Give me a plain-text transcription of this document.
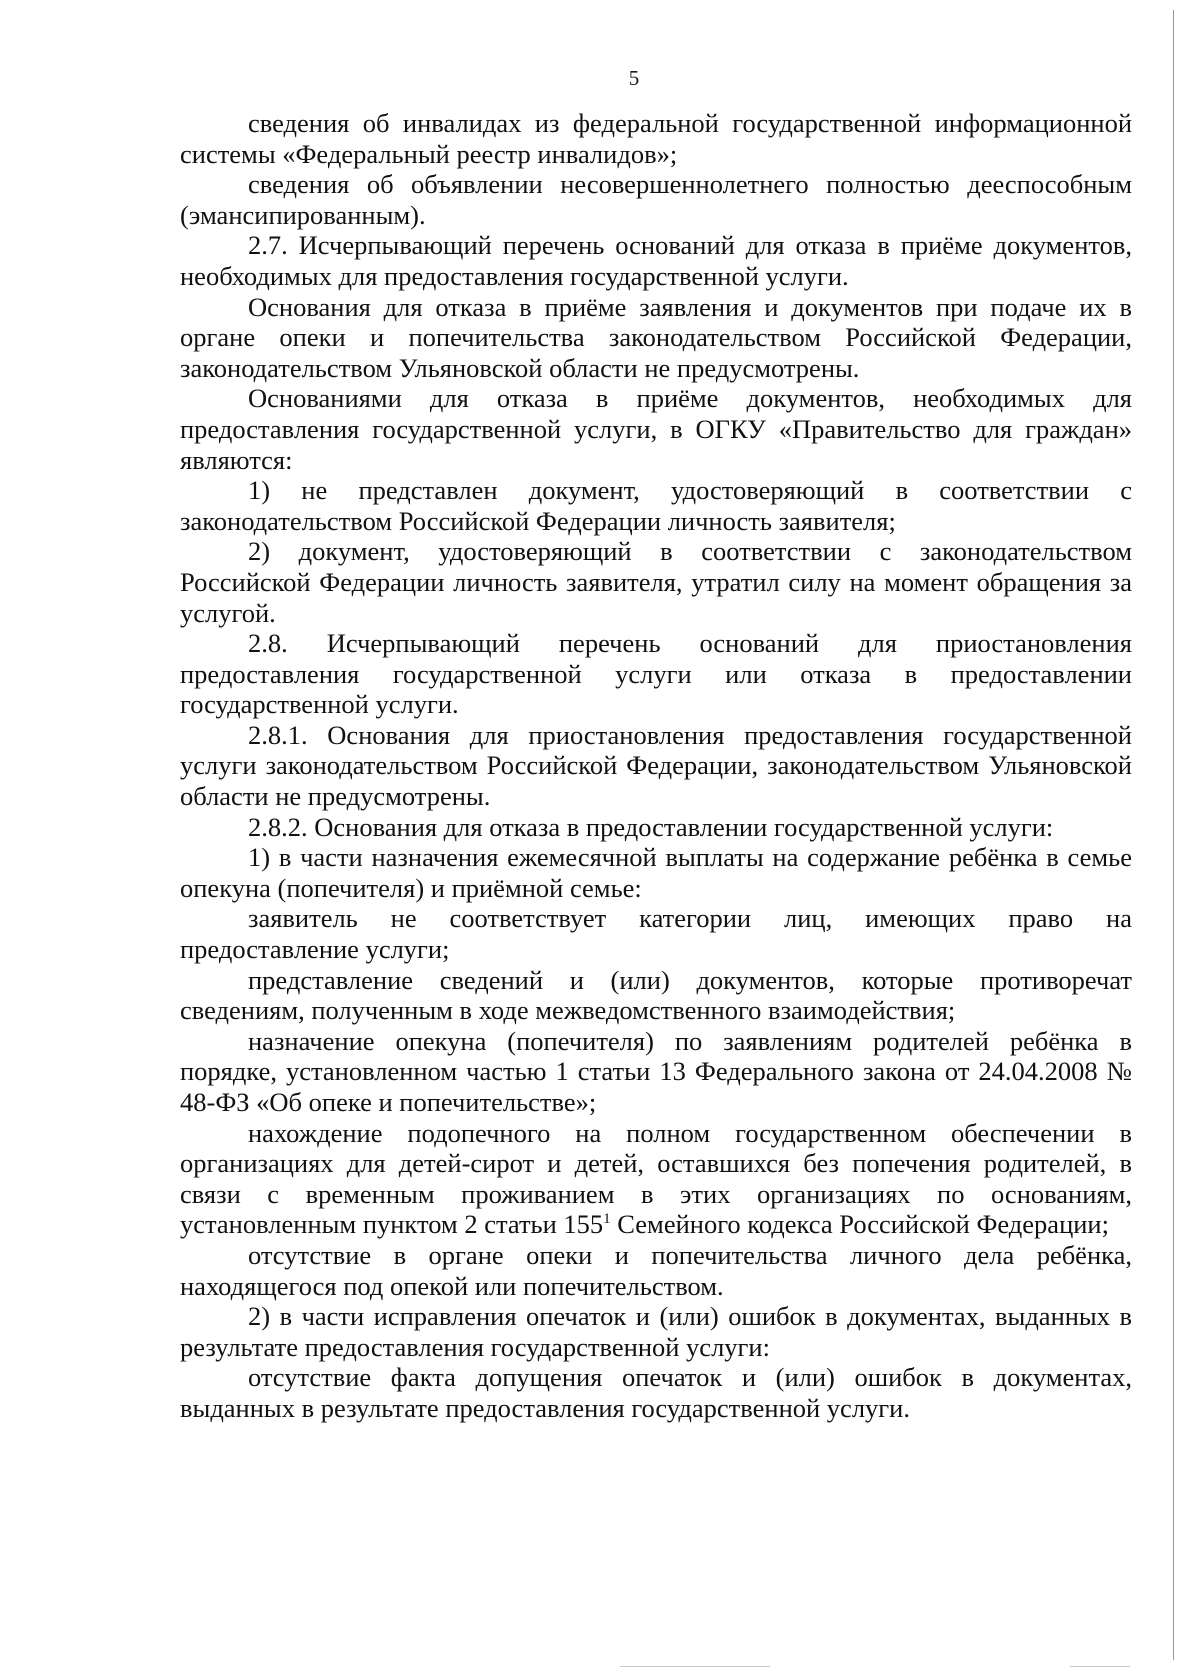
5

сведения об инвалидах из федеральной государственной информационной системы «Федеральный реестр инвалидов»;

сведения об объявлении несовершеннолетнего полностью дееспособным (эмансипированным).

2.7. Исчерпывающий перечень оснований для отказа в приёме документов, необходимых для предоставления государственной услуги.

Основания для отказа в приёме заявления и документов при подаче их в органе опеки и попечительства законодательством Российской Федерации, законодательством Ульяновской области не предусмотрены.

Основаниями для отказа в приёме документов, необходимых для предоставления государственной услуги, в ОГКУ «Правительство для граждан» являются:

1) не представлен документ, удостоверяющий в соответствии с законодательством Российской Федерации личность заявителя;

2) документ, удостоверяющий в соответствии с законодательством Российской Федерации личность заявителя, утратил силу на момент обращения за услугой.

2.8. Исчерпывающий перечень оснований для приостановления предоставления государственной услуги или отказа в предоставлении государственной услуги.

2.8.1. Основания для приостановления предоставления государственной услуги законодательством Российской Федерации, законодательством Ульяновской области не предусмотрены.

2.8.2. Основания для отказа в предоставлении государственной услуги:

1) в части назначения ежемесячной выплаты на содержание ребёнка в семье опекуна (попечителя) и приёмной семье:

заявитель не соответствует категории лиц, имеющих право на предоставление услуги;

представление сведений и (или) документов, которые противоречат сведениям, полученным в ходе межведомственного взаимодействия;

назначение опекуна (попечителя) по заявлениям родителей ребёнка в порядке, установленном частью 1 статьи 13 Федерального закона от 24.04.2008 № 48-ФЗ «Об опеке и попечительстве»;

нахождение подопечного на полном государственном обеспечении в организациях для детей-сирот и детей, оставшихся без попечения родителей, в связи с временным проживанием в этих организациях по основаниям, установленным пунктом 2 статьи $155^1$ Семейного кодекса Российской Федерации;

отсутствие в органе опеки и попечительства личного дела ребёнка, находящегося под опекой или попечительством.

2) в части исправления опечаток и (или) ошибок в документах, выданных в результате предоставления государственной услуги:

отсутствие факта допущения опечаток и (или) ошибок в документах, выданных в результате предоставления государственной услуги.
